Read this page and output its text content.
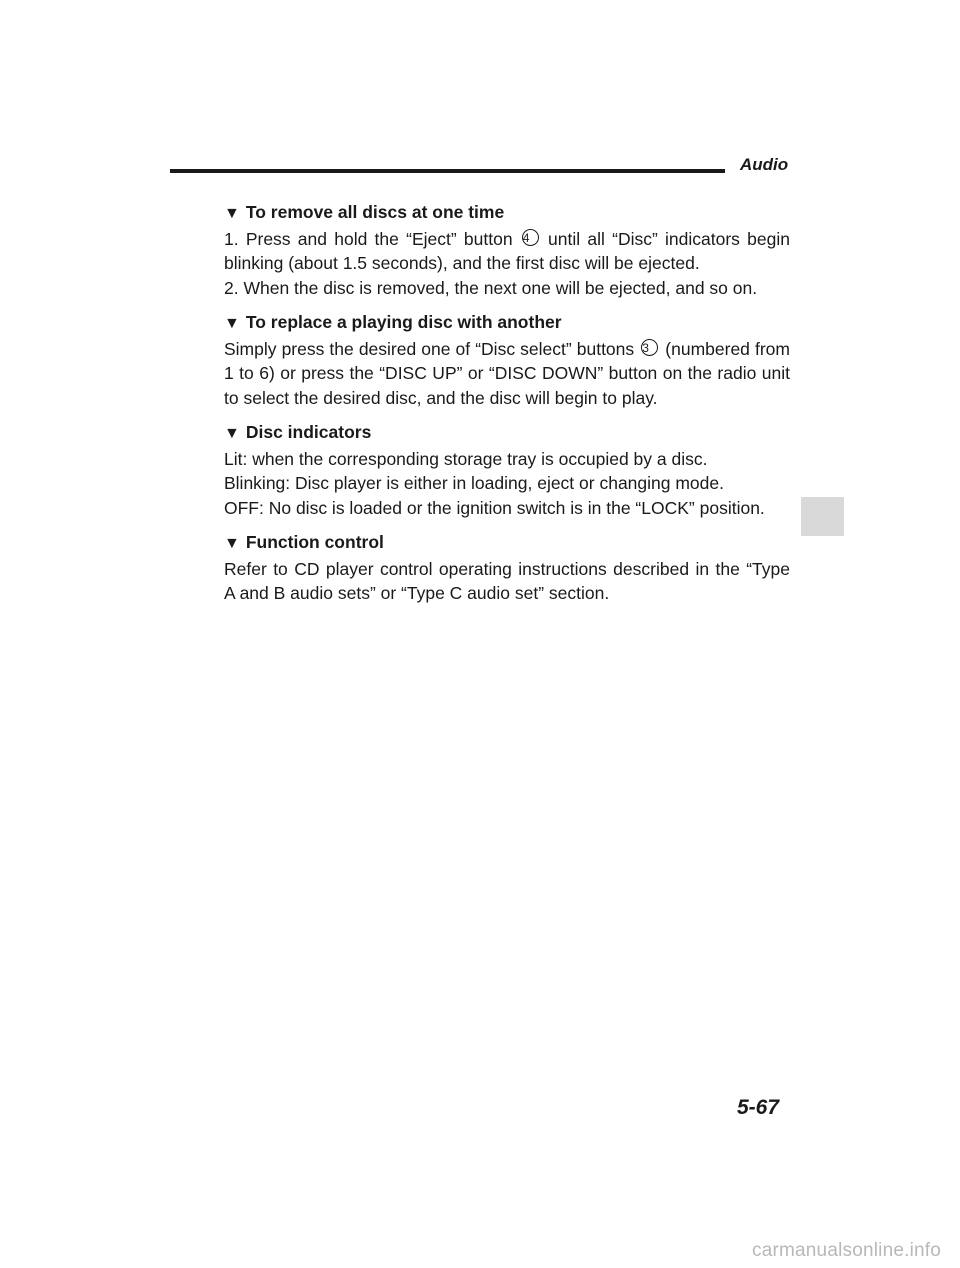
Audio
▼ To remove all discs at one time

1. Press and hold the “Eject” button 4 until all “Disc” indicators begin blinking (about 1.5 seconds), and the first disc will be ejected.

2. When the disc is removed, the next one will be ejected, and so on.

▼ To replace a playing disc with another

Simply press the desired one of “Disc select” buttons 3 (numbered from 1 to 6) or press the “DISC UP” or “DISC DOWN” button on the radio unit to select the desired disc, and the disc will begin to play.

▼ Disc indicators

Lit: when the corresponding storage tray is occupied by a disc.

Blinking: Disc player is either in loading, eject or changing mode.

OFF: No disc is loaded or the ignition switch is in the “LOCK” position.

▼ Function control

Refer to CD player control operating instructions described in the “Type A and B audio sets” or “Type C audio set” section.

5-67
carmanualsonline.info
